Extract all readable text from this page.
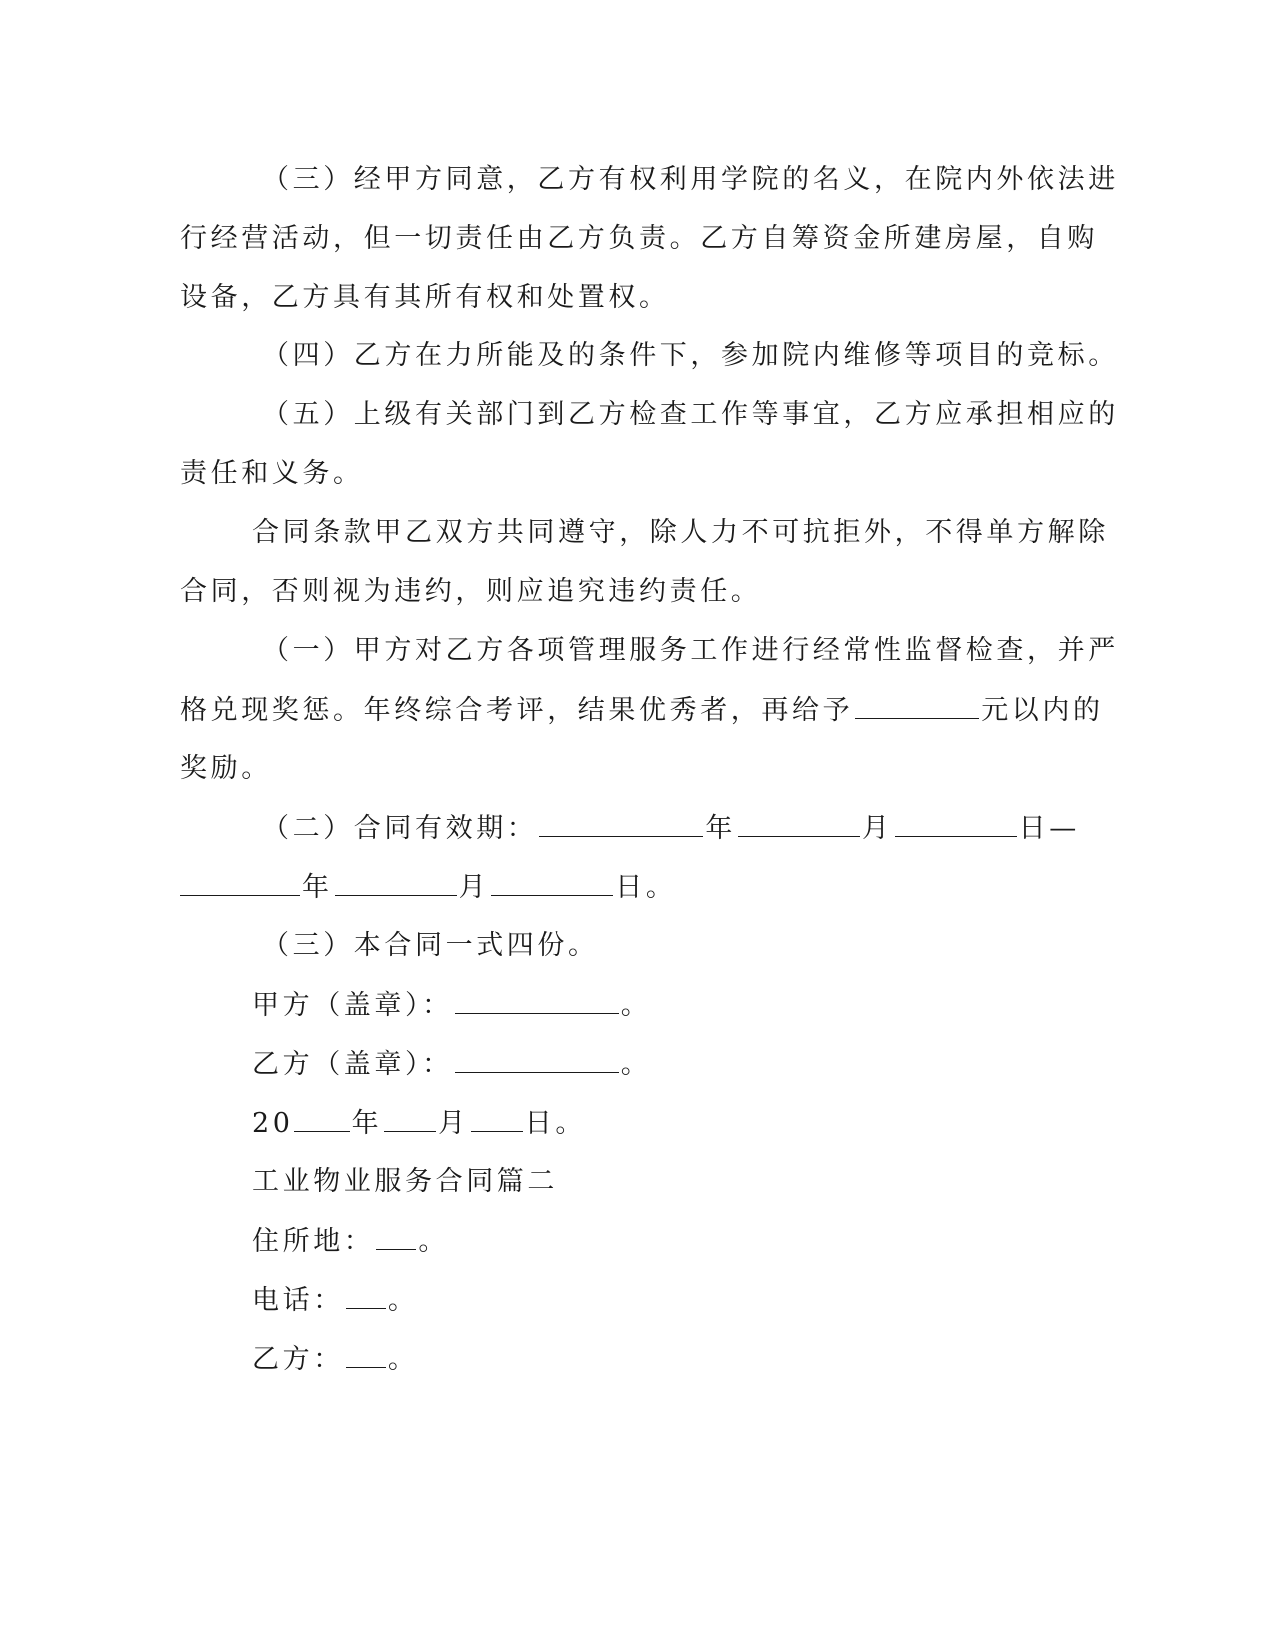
（三）经甲方同意，乙方有权利用学院的名义，在院内外依法进
行经营活动，但一切责任由乙方负责。乙方自筹资金所建房屋，自购
设备，乙方具有其所有权和处置权。
（四）乙方在力所能及的条件下，参加院内维修等项目的竞标。
（五）上级有关部门到乙方检查工作等事宜，乙方应承担相应的
责任和义务。
合同条款甲乙双方共同遵守，除人力不可抗拒外，不得单方解除
合同，否则视为违约，则应追究违约责任。
（一）甲方对乙方各项管理服务工作进行经常性监督检查，并严
格兑现奖惩。年终综合考评，结果优秀者，再给予	元以内的
奖励。
（二）合同有效期：	年	月	日—
年	月	日。
（三）本合同一式四份。
甲方（盖章）：	。
乙方（盖章）：	。
20 年 月 日。
工业物业服务合同篇二
住所地： 。
电话： 。
乙方： 。
